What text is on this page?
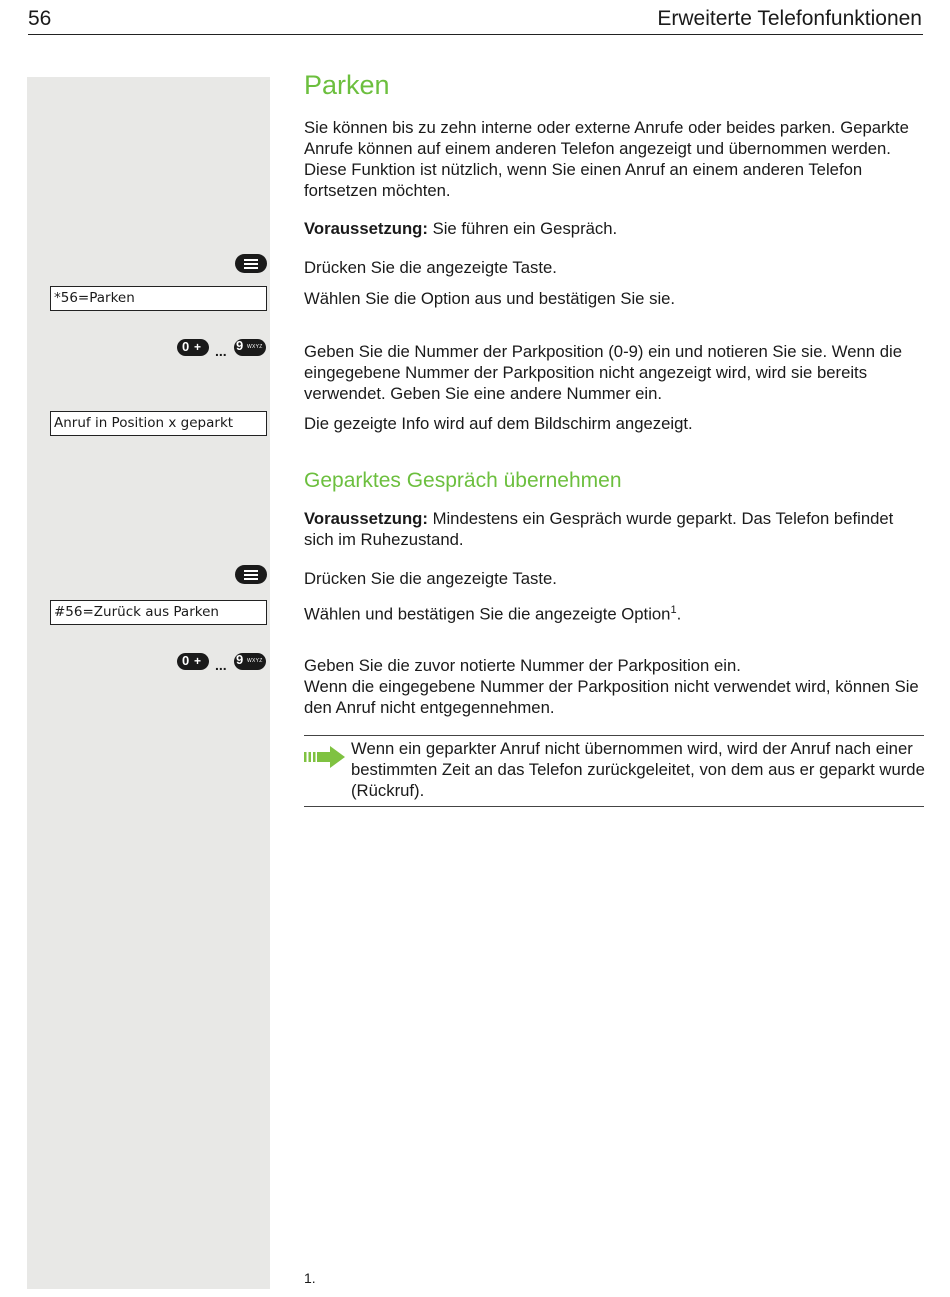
56	Erweiterte Telefonfunktionen
Parken

Sie können bis zu zehn interne oder externe Anrufe oder beides parken. Geparkte Anrufe können auf einem anderen Telefon angezeigt und übernommen werden. Diese Funktion ist nützlich, wenn Sie einen Anruf an einem anderen Telefon fortsetzen möchten.

Voraussetzung: Sie führen ein Gespräch.

Drücken Sie die angezeigte Taste.

*56=Parken	Wählen Sie die Option aus und bestätigen Sie sie.

0 + ... 9 WXYZ Geben Sie die Nummer der Parkposition (0-9) ein und notieren Sie sie. Wenn die eingegebene Nummer der Parkposition nicht angezeigt wird, wird sie bereits verwendet. Geben Sie eine andere Nummer ein.

Anruf in Position x geparkt	Die gezeigte Info wird auf dem Bildschirm angezeigt.

Geparktes Gespräch übernehmen

Voraussetzung: Mindestens ein Gespräch wurde geparkt. Das Telefon befindet sich im Ruhezustand.

Drücken Sie die angezeigte Taste.

#56=Zurück aus Parken	Wählen und bestätigen Sie die angezeigte Option$^1$.

0 + ... 9 WXYZ Geben Sie die zuvor notierte Nummer der Parkposition ein.
Wenn die eingegebene Nummer der Parkposition nicht verwendet wird, können Sie den Anruf nicht entgegennehmen.

Wenn ein geparkter Anruf nicht übernommen wird, wird der Anruf nach einer bestimmten Zeit an das Telefon zurückgeleitet, von dem aus er geparkt wurde (Rückruf).

1.
